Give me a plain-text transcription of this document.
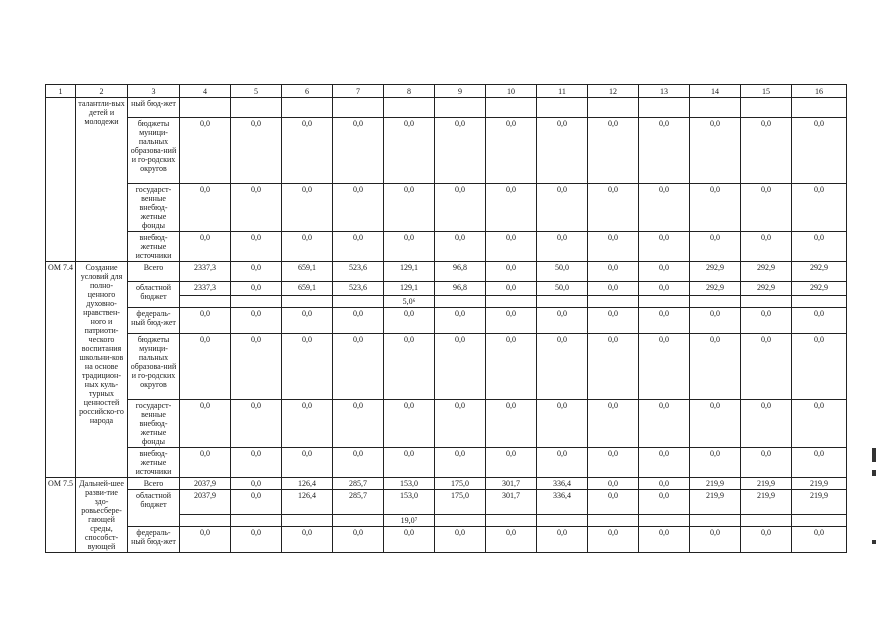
1	2	3	4	5	6	7	8	9	10	11	12	13	14	15	16
	талантли-вых детей и молодежи	ный бюд-жет													
		бюджеты муници-пальных образова-ний и го-родских округов	0,0	0,0	0,0	0,0	0,0	0,0	0,0	0,0	0,0	0,0	0,0	0,0	0,0
		государст-венные внебюд-жетные фонды	0,0	0,0	0,0	0,0	0,0	0,0	0,0	0,0	0,0	0,0	0,0	0,0	0,0
		внебюд-жетные источники	0,0	0,0	0,0	0,0	0,0	0,0	0,0	0,0	0,0	0,0	0,0	0,0	0,0
ОМ 7.4	Создание условий для полно-ценного духовно-нравствен-ного и патриоти-ческого воспитания школьни-ков на основе традицион-ных куль-турных ценностей российско-го народа	Всего	2337,3	0,0	659,1	523,6	129,1	96,8	0,0	50,0	0,0	0,0	292,9	292,9	292,9
		областной бюджет	2337,3	0,0	659,1	523,6	129,1	96,8	0,0	50,0	0,0	0,0	292,9	292,9	292,9
							5,0⁶								
		федераль-ный бюд-жет	0,0	0,0	0,0	0,0	0,0	0,0	0,0	0,0	0,0	0,0	0,0	0,0	0,0
		бюджеты муници-пальных образова-ний и го-родских округов	0,0	0,0	0,0	0,0	0,0	0,0	0,0	0,0	0,0	0,0	0,0	0,0	0,0
		государст-венные внебюд-жетные фонды	0,0	0,0	0,0	0,0	0,0	0,0	0,0	0,0	0,0	0,0	0,0	0,0	0,0
		внебюд-жетные источники	0,0	0,0	0,0	0,0	0,0	0,0	0,0	0,0	0,0	0,0	0,0	0,0	0,0
ОМ 7.5	Дальней-шее разви-тие здо-ровьесбере-гающей среды, способст-вующей	Всего	2037,9	0,0	126,4	285,7	153,0	175,0	301,7	336,4	0,0	0,0	219,9	219,9	219,9
		областной бюджет	2037,9	0,0	126,4	285,7	153,0	175,0	301,7	336,4	0,0	0,0	219,9	219,9	219,9
							19,0⁷								
		федераль-ный бюд-жет	0,0	0,0	0,0	0,0	0,0	0,0	0,0	0,0	0,0	0,0	0,0	0,0	0,0
